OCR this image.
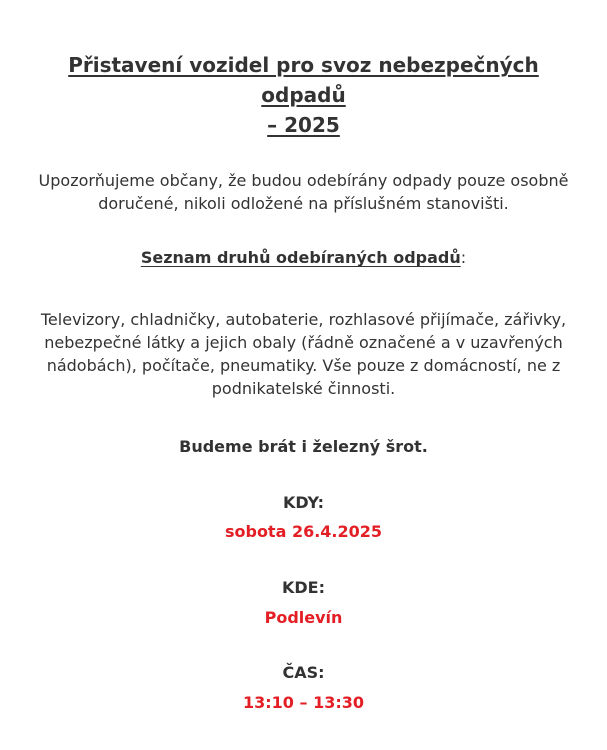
Přistavení vozidel pro svoz nebezpečných odpadů
– 2025
Upozorňujeme občany, že budou odebírány odpady pouze osobně
doručené, nikoli odložené na příslušném stanovišti.
Seznam druhů odebíraných odpadů:
Televizory, chladničky, autobaterie, rozhlasové přijímače, zářivky,
nebezpečné látky a jejich obaly (řádně označené a v uzavřených
nádobách), počítače, pneumatiky. Vše pouze z domácností, ne z
podnikatelské činnosti.
Budeme brát i železný šrot.
KDY:
sobota 26.4.2025
KDE:
Podlevín
ČAS:
13:10 – 13:30
